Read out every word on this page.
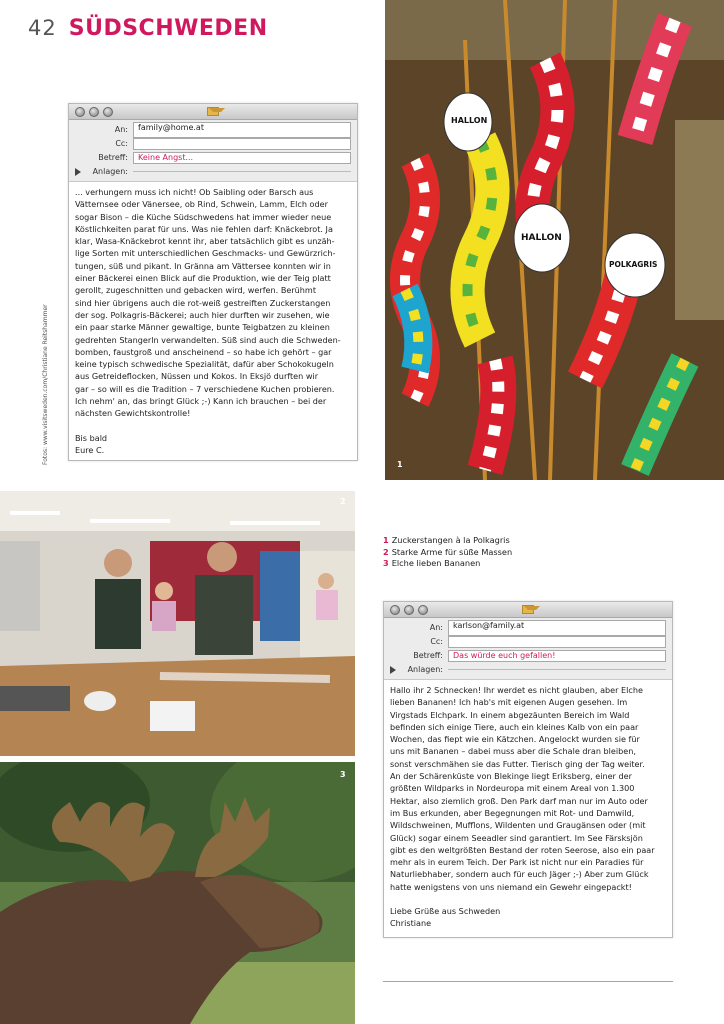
42 SÜDSCHWEDEN
Fotos: www.visitsweden.com/Christiane Reitshammer
An:	family@home.at
Cc:
Betreff:	Keine Angst...
Anlagen:

... verhungern muss ich nicht! Ob Saibling oder Barsch aus

Vätternsee oder Vänersee, ob Rind, Schwein, Lamm, Elch oder

sogar Bison – die Küche Südschwedens hat immer wieder neue

Köstlichkeiten parat für uns. Was nie fehlen darf: Knäckebrot. Ja

klar, Wasa-Knäckebrot kennt ihr, aber tatsächlich gibt es unzäh-

lige Sorten mit unterschiedlichen Geschmacks- und Gewürzrich-

tungen, süß und pikant. In Gränna am Vättersee konnten wir in

einer Bäckerei einen Blick auf die Produktion, wie der Teig platt

gerollt, zugeschnitten und gebacken wird, werfen. Berühmt

sind hier übrigens auch die rot-weiß gestreiften Zuckerstangen

der sog. Polkagris-Bäckerei; auch hier durften wir zusehen, wie

ein paar starke Männer gewaltige, bunte Teigbatzen zu kleinen

gedrehten Stangerln verwandelten. Süß sind auch die Schweden-

bomben, faustgroß und anscheinend – so habe ich gehört – gar

keine typisch schwedische Spezialität, dafür aber Schokokugeln

aus Getreideflocken, Nüssen und Kokos. In Eksjö durften wir

gar – so will es die Tradition – 7 verschiedene Kuchen probieren.

Ich nehm' an, das bringt Glück ;-) Kann ich brauchen – bei der

nächsten Gewichtskontrolle!

Bis bald

Eure C.

HALLON
HALLON
POLKAGRIS
1
2
3
1 Zuckerstangen à la Polkagris
2 Starke Arme für süße Massen
3 Elche lieben Bananen
An:	karlson@family.at
Cc:
Betreff:	Das würde euch gefallen!
Anlagen:

Hallo ihr 2 Schnecken! Ihr werdet es nicht glauben, aber Elche

lieben Bananen! Ich hab's mit eigenen Augen gesehen. Im

Virgstads Elchpark. In einem abgezäunten Bereich im Wald

befinden sich einige Tiere, auch ein kleines Kalb von ein paar

Wochen, das fiept wie ein Kätzchen. Angelockt wurden sie für

uns mit Bananen – dabei muss aber die Schale dran bleiben,

sonst verschmähen sie das Futter. Tierisch ging der Tag weiter.

An der Schärenküste von Blekinge liegt Eriksberg, einer der

größten Wildparks in Nordeuropa mit einem Areal von 1.300

Hektar, also ziemlich groß. Den Park darf man nur im Auto oder

im Bus erkunden, aber Begegnungen mit Rot- und Damwild,

Wildschweinen, Mufflons, Wildenten und Graugänsen oder (mit

Glück) sogar einem Seeadler sind garantiert. Im See Färsksjön

gibt es den weltgrößten Bestand der roten Seerose, also ein paar

mehr als in eurem Teich. Der Park ist nicht nur ein Paradies für

Naturliebhaber, sondern auch für euch Jäger ;-) Aber zum Glück

hatte wenigstens von uns niemand ein Gewehr eingepackt!

Liebe Grüße aus Schweden

Christiane
